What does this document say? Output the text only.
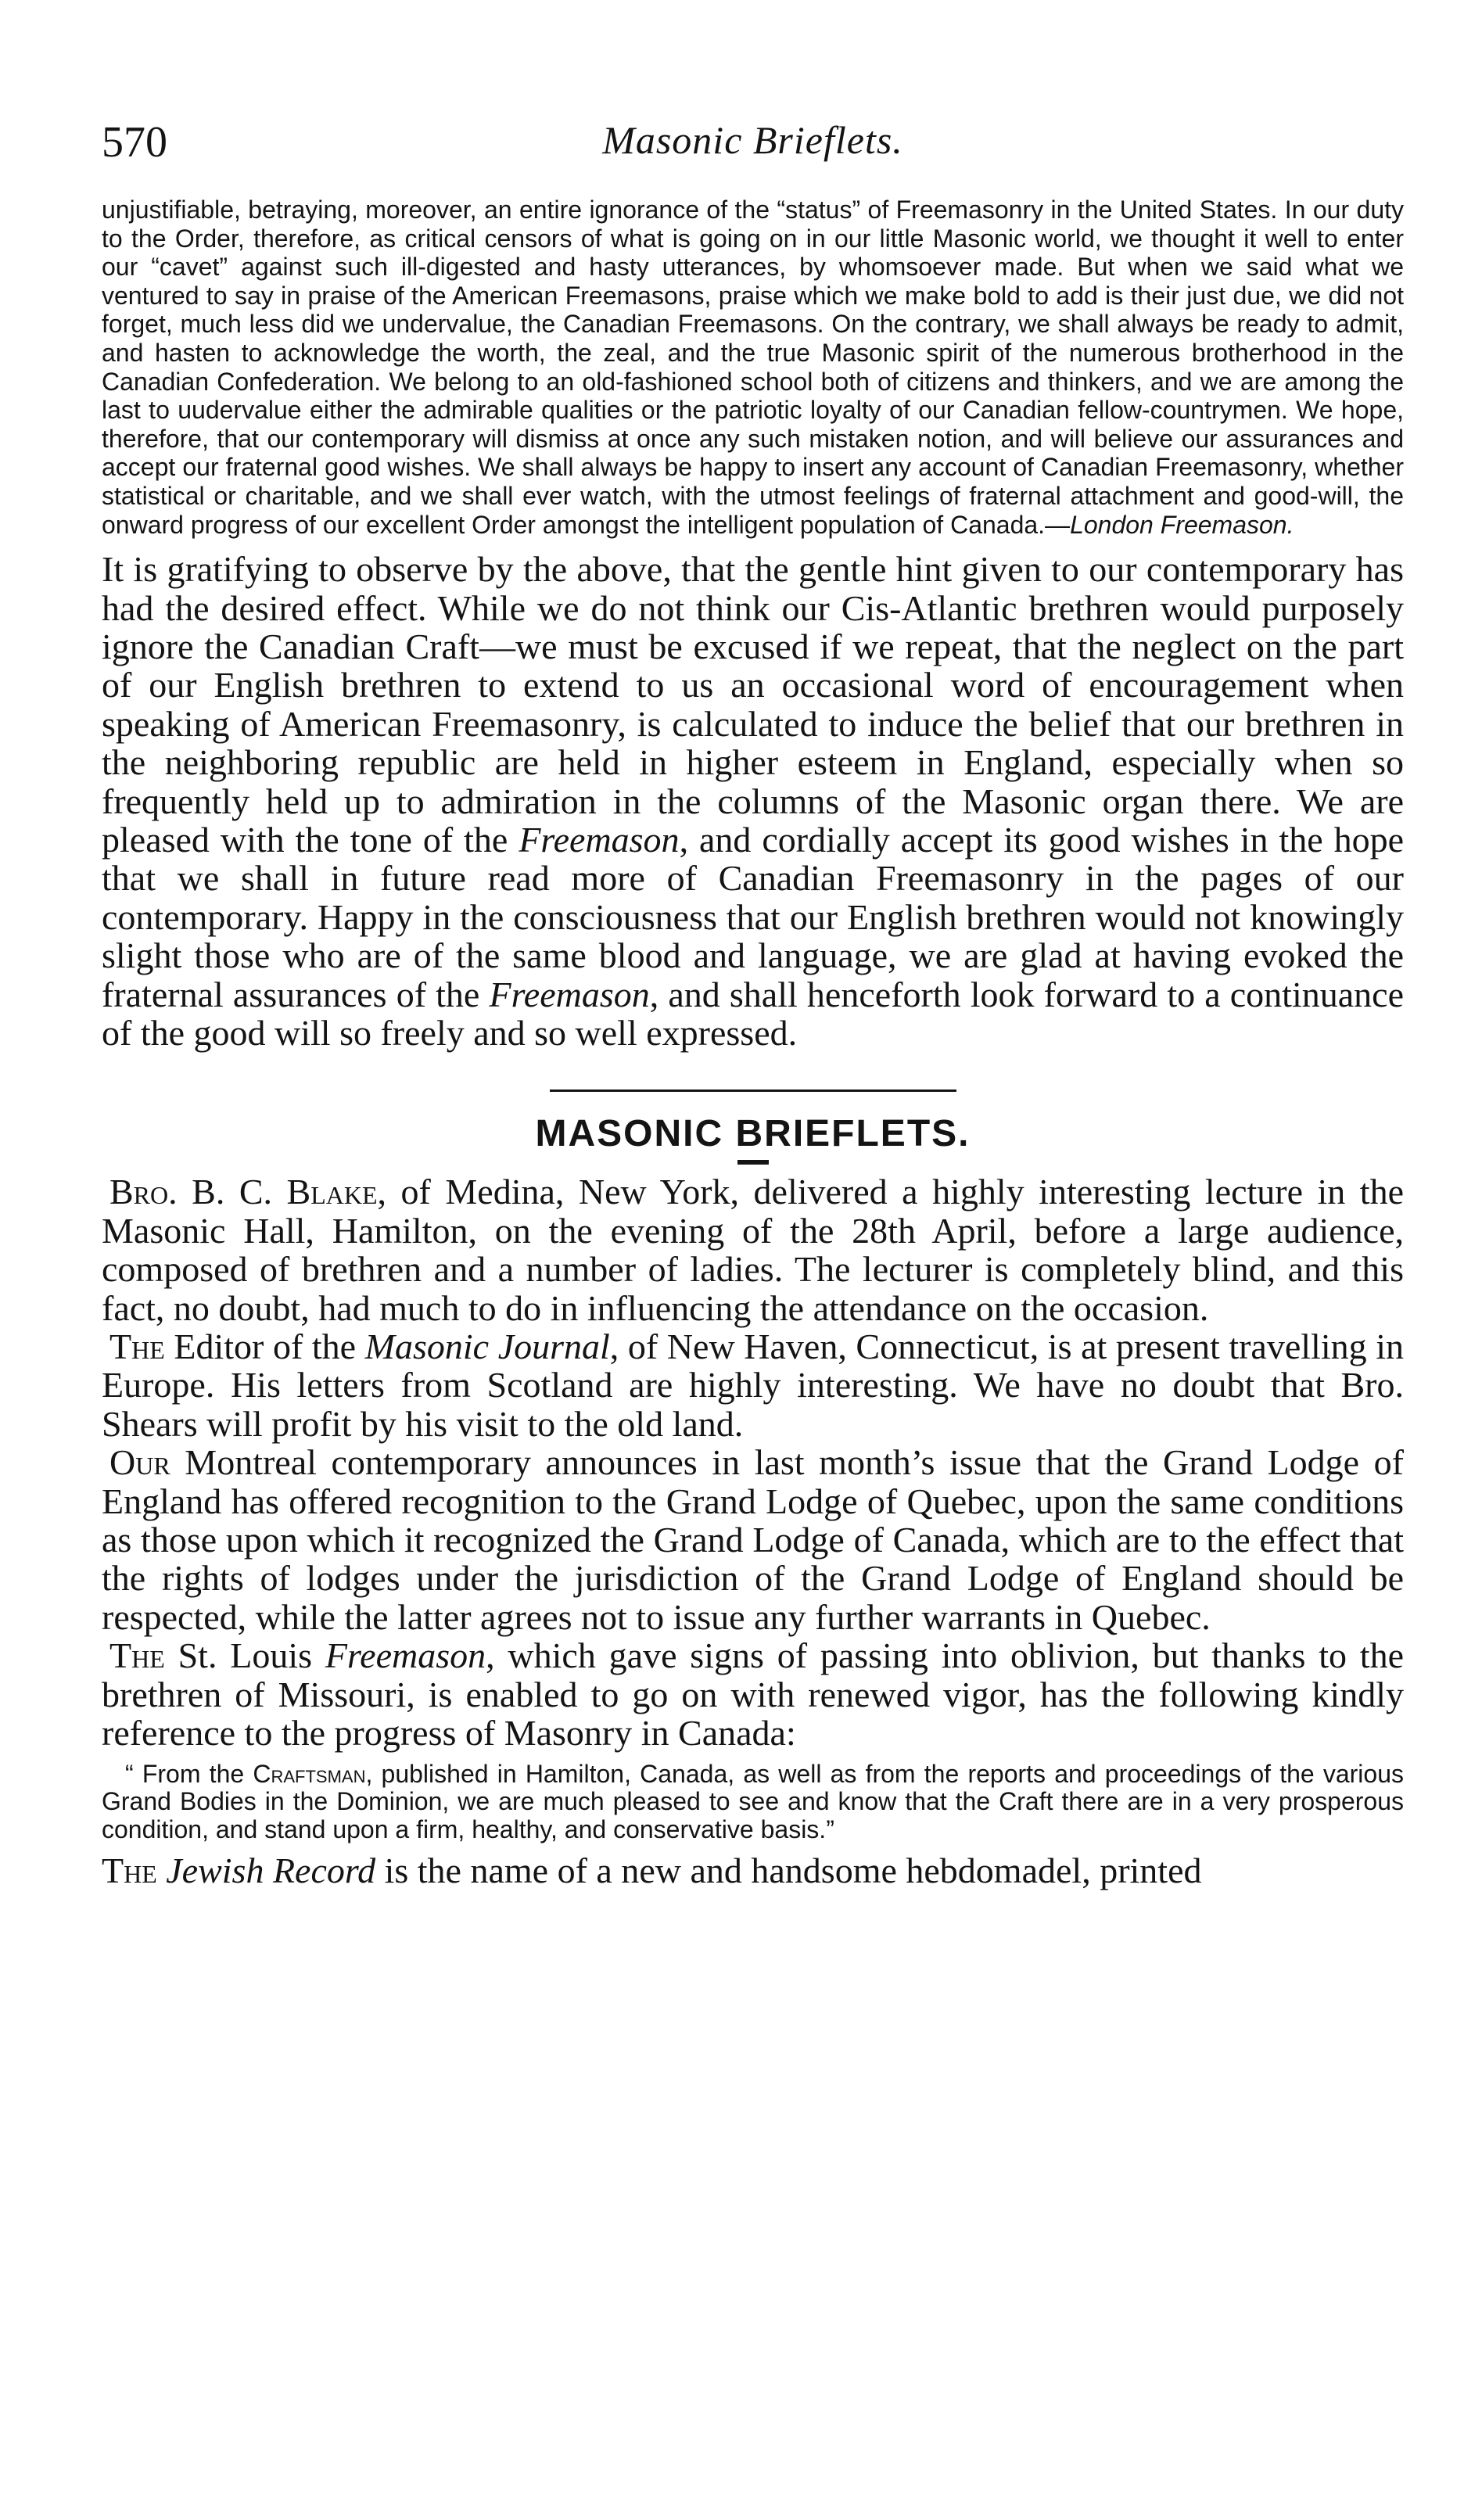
570	Masonic Brieflets.

unjustifiable, betraying, moreover, an entire ignorance of the “status” of Freemasonry in the United States. In our duty to the Order, therefore, as critical censors of what is going on in our little Masonic world, we thought it well to enter our “cavet” against such ill-digested and hasty utterances, by whomsoever made. But when we said what we ventured to say in praise of the American Freemasons, praise which we make bold to add is their just due, we did not forget, much less did we undervalue, the Canadian Freemasons. On the contrary, we shall always be ready to admit, and hasten to acknowledge the worth, the zeal, and the true Masonic spirit of the numerous brotherhood in the Canadian Confederation. We belong to an old-fashioned school both of citizens and thinkers, and we are among the last to uudervalue either the admirable qualities or the patriotic loyalty of our Canadian fellow-countrymen. We hope, therefore, that our contemporary will dismiss at once any such mistaken notion, and will believe our assurances and accept our fraternal good wishes. We shall always be happy to insert any account of Canadian Freemasonry, whether statistical or charitable, and we shall ever watch, with the utmost feelings of fraternal attachment and good-will, the onward progress of our excellent Order amongst the intelligent population of Canada.—London Freemason.

It is gratifying to observe by the above, that the gentle hint given to our contemporary has had the desired effect. While we do not think our Cis-Atlantic brethren would purposely ignore the Canadian Craft—we must be excused if we repeat, that the neglect on the part of our English brethren to extend to us an occasional word of encouragement when speaking of American Freemasonry, is calculated to induce the belief that our brethren in the neighboring republic are held in higher esteem in England, especially when so frequently held up to admiration in the columns of the Masonic organ there. We are pleased with the tone of the Freemason, and cordially accept its good wishes in the hope that we shall in future read more of Canadian Freemasonry in the pages of our contemporary. Happy in the consciousness that our English brethren would not knowingly slight those who are of the same blood and language, we are glad at having evoked the fraternal assurances of the Freemason, and shall henceforth look forward to a continuance of the good will so freely and so well expressed.

MASONIC BRIEFLETS.

Bro. B. C. Blake, of Medina, New York, delivered a highly interesting lecture in the Masonic Hall, Hamilton, on the evening of the 28th April, before a large audience, composed of brethren and a number of ladies. The lecturer is completely blind, and this fact, no doubt, had much to do in influencing the attendance on the occasion.

The Editor of the Masonic Journal, of New Haven, Connecticut, is at present travelling in Europe. His letters from Scotland are highly interesting. We have no doubt that Bro. Shears will profit by his visit to the old land.

Our Montreal contemporary announces in last month’s issue that the Grand Lodge of England has offered recognition to the Grand Lodge of Quebec, upon the same conditions as those upon which it recognized the Grand Lodge of Canada, which are to the effect that the rights of lodges under the jurisdiction of the Grand Lodge of England should be respected, while the latter agrees not to issue any further warrants in Quebec.

The St. Louis Freemason, which gave signs of passing into oblivion, but thanks to the brethren of Missouri, is enabled to go on with renewed vigor, has the following kindly reference to the progress of Masonry in Canada:

“ From the Craftsman, published in Hamilton, Canada, as well as from the reports and proceedings of the various Grand Bodies in the Dominion, we are much pleased to see and know that the Craft there are in a very prosperous condition, and stand upon a firm, healthy, and conservative basis.”

The Jewish Record is the name of a new and handsome hebdomadel, printed
